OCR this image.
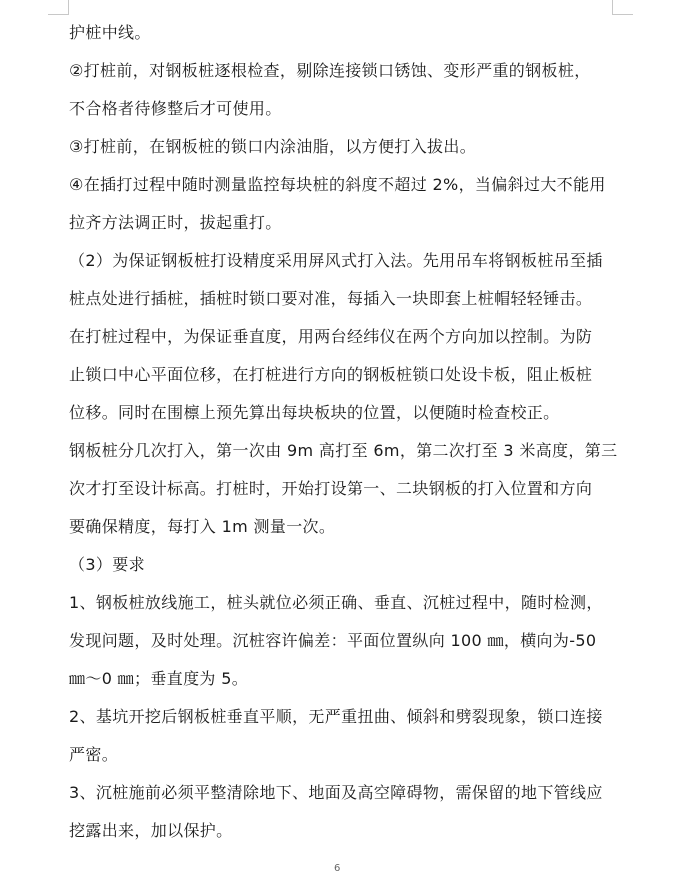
护桩中线。
②打桩前，对钢板桩逐根检查，剔除连接锁口锈蚀、变形严重的钢板桩，
不合格者待修整后才可使用。
③打桩前，在钢板桩的锁口内涂油脂，以方便打入拔出。
④在插打过程中随时测量监控每块桩的斜度不超过 2%，当偏斜过大不能用
拉齐方法调正时，拔起重打。
（2）为保证钢板桩打设精度采用屏风式打入法。先用吊车将钢板桩吊至插
桩点处进行插桩，插桩时锁口要对准，每插入一块即套上桩帽轻轻锤击。
在打桩过程中，为保证垂直度，用两台经纬仪在两个方向加以控制。为防
止锁口中心平面位移，在打桩进行方向的钢板桩锁口处设卡板，阻止板桩
位移。同时在围檩上预先算出每块板块的位置，以便随时检查校正。
钢板桩分几次打入，第一次由 9m 高打至 6m，第二次打至 3 米高度，第三
次才打至设计标高。打桩时，开始打设第一、二块钢板的打入位置和方向
要确保精度，每打入 1m 测量一次。
（3）要求
1、钢板桩放线施工，桩头就位必须正确、垂直、沉桩过程中，随时检测，
发现问题，及时处理。沉桩容许偏差：平面位置纵向 100 ㎜，横向为-50
㎜～0 ㎜；垂直度为 5。
2、基坑开挖后钢板桩垂直平顺，无严重扭曲、倾斜和劈裂现象，锁口连接
严密。
3、沉桩施前必须平整清除地下、地面及高空障碍物，需保留的地下管线应
挖露出来，加以保护。
6
